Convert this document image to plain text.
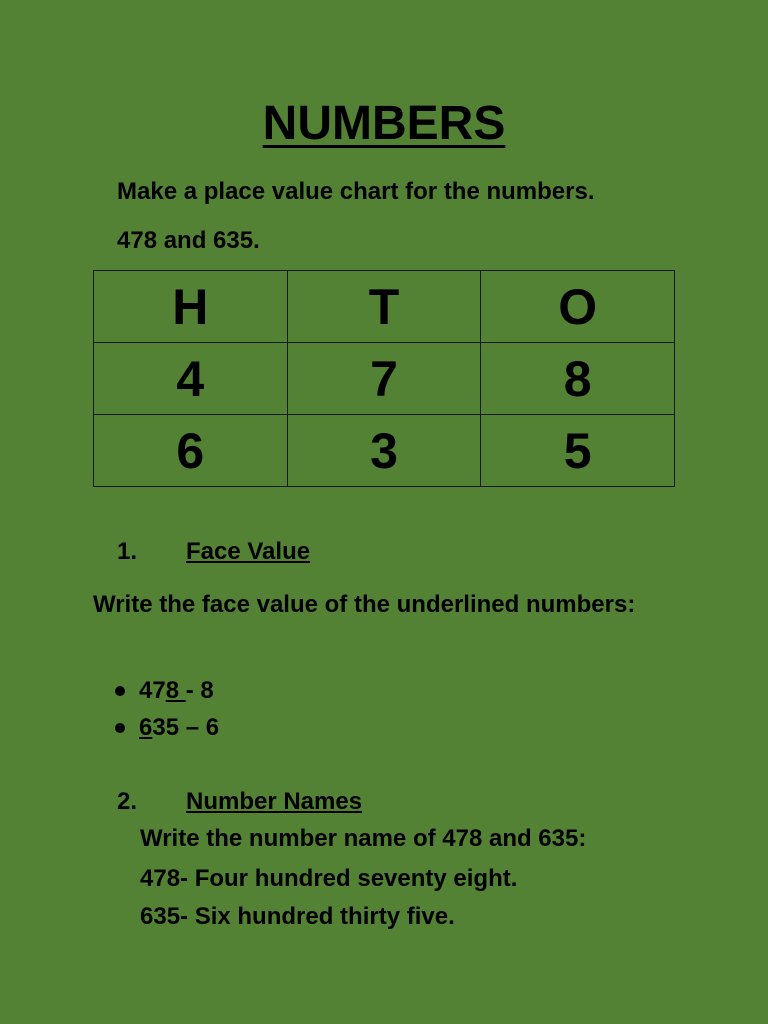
NUMBERS

Make a place value chart for the numbers.

478 and 635.

H	T	O
4	7	8
6	3	5
1. Face Value

Write the face value of the underlined numbers:

478 - 8
635 – 6
2. Number Names

Write the number name of 478 and 635:

478- Four hundred seventy eight.

635- Six hundred thirty five.
